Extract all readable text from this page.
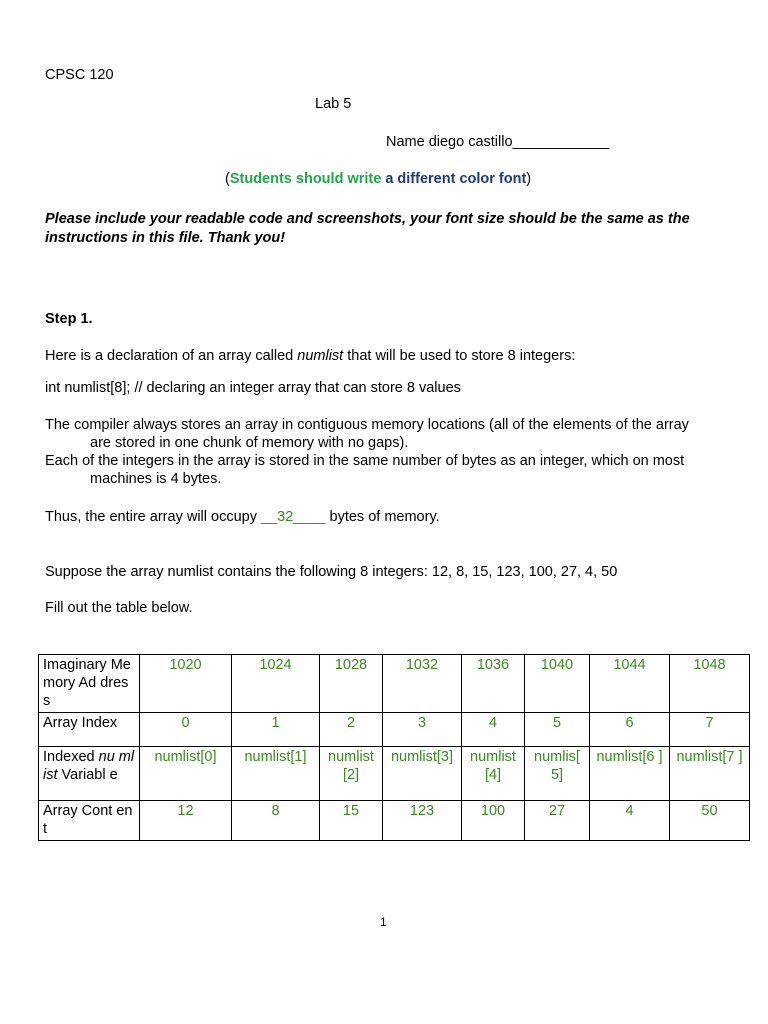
CPSC 120
Lab 5
Name diego castillo____________
(Students should write a different color font)
Please include your readable code and screenshots, your font size should be the same as the instructions in this file. Thank you!
Step 1.
Here is a declaration of an array called numlist that will be used to store 8 integers:
int numlist[8]; // declaring an integer array that can store 8 values
The compiler always stores an array in contiguous memory locations (all of the elements of the array
are stored in one chunk of memory with no gaps).
Each of the integers in the array is stored in the same number of bytes as an integer, which on most
machines is 4 bytes.
Thus, the entire array will occupy __32____ bytes of memory.
Suppose the array numlist contains the following 8 integers: 12, 8, 15, 123, 100, 27, 4, 50
Fill out the table below.
Imaginary Memory Ad dress	1020	1024	1028	1032	1036	1040	1044	1048
Array Index	0	1	2	3	4	5	6	7
Indexed nu mlist Variabl e	numlist[0]	numlist[1]	numlist [2]	numlist[3]	numlist [4]	numlis[ 5]	numlist[6 ]	numlist[7 ]
Array Cont ent	12	8	15	123	100	27	4	50
1
